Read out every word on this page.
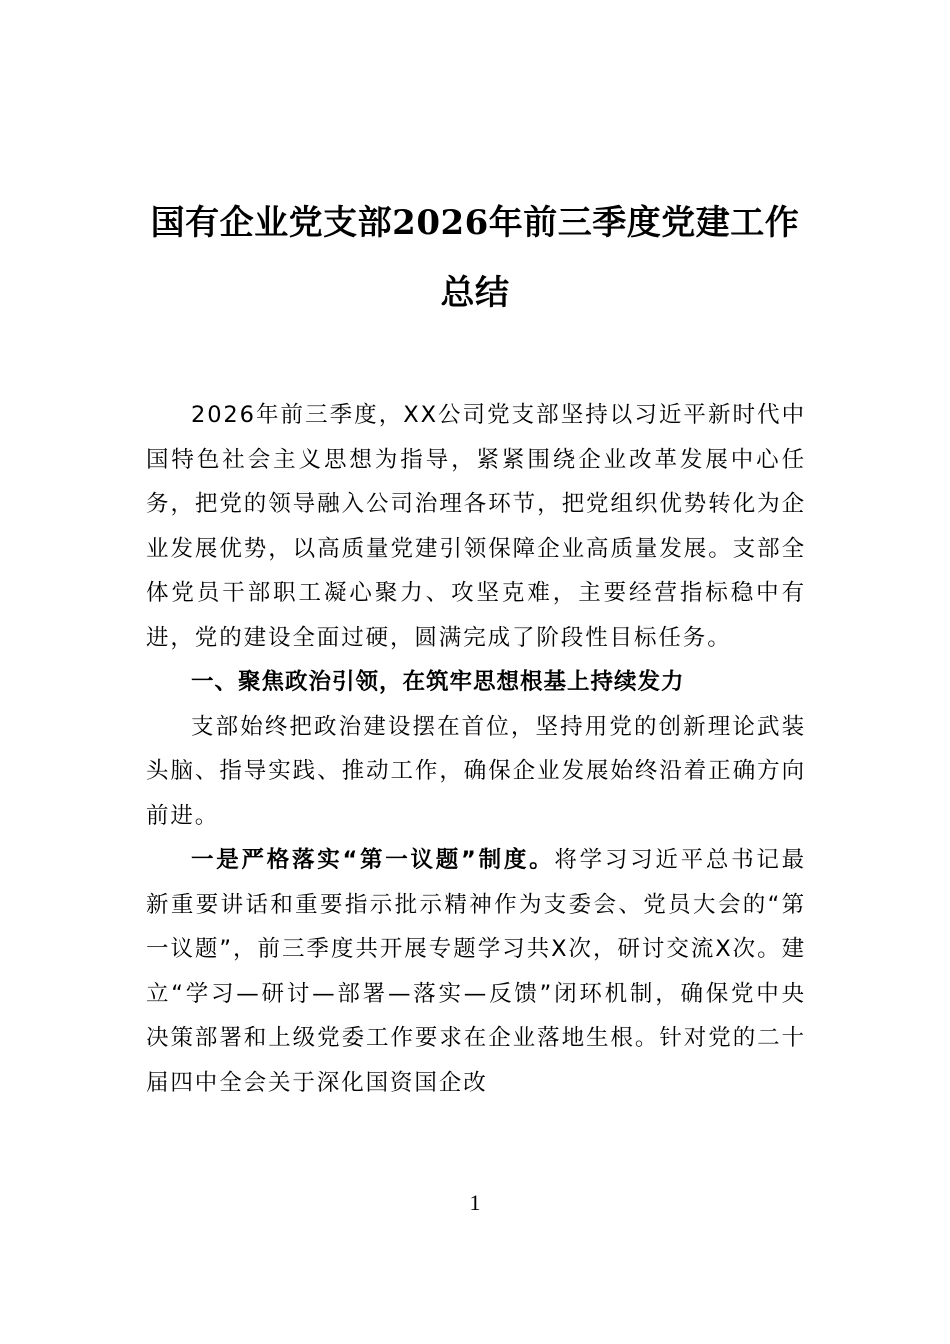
国有企业党支部2026年前三季度党建工作
总结

2026年前三季度，XX公司党支部坚持以习近平新时代中国特色社会主义思想为指导，紧紧围绕企业改革发展中心任务，把党的领导融入公司治理各环节，把党组织优势转化为企业发展优势，以高质量党建引领保障企业高质量发展。支部全体党员干部职工凝心聚力、攻坚克难，主要经营指标稳中有进，党的建设全面过硬，圆满完成了阶段性目标任务。

一、聚焦政治引领，在筑牢思想根基上持续发力

支部始终把政治建设摆在首位，坚持用党的创新理论武装头脑、指导实践、推动工作，确保企业发展始终沿着正确方向前进。

一是严格落实“第一议题”制度。将学习习近平总书记最新重要讲话和重要指示批示精神作为支委会、党员大会的“第一议题”，前三季度共开展专题学习共X次，研讨交流X次。建立“学习—研讨—部署—落实—反馈”闭环机制，确保党中央决策部署和上级党委工作要求在企业落地生根。针对党的二十届四中全会关于深化国资国企改

1
